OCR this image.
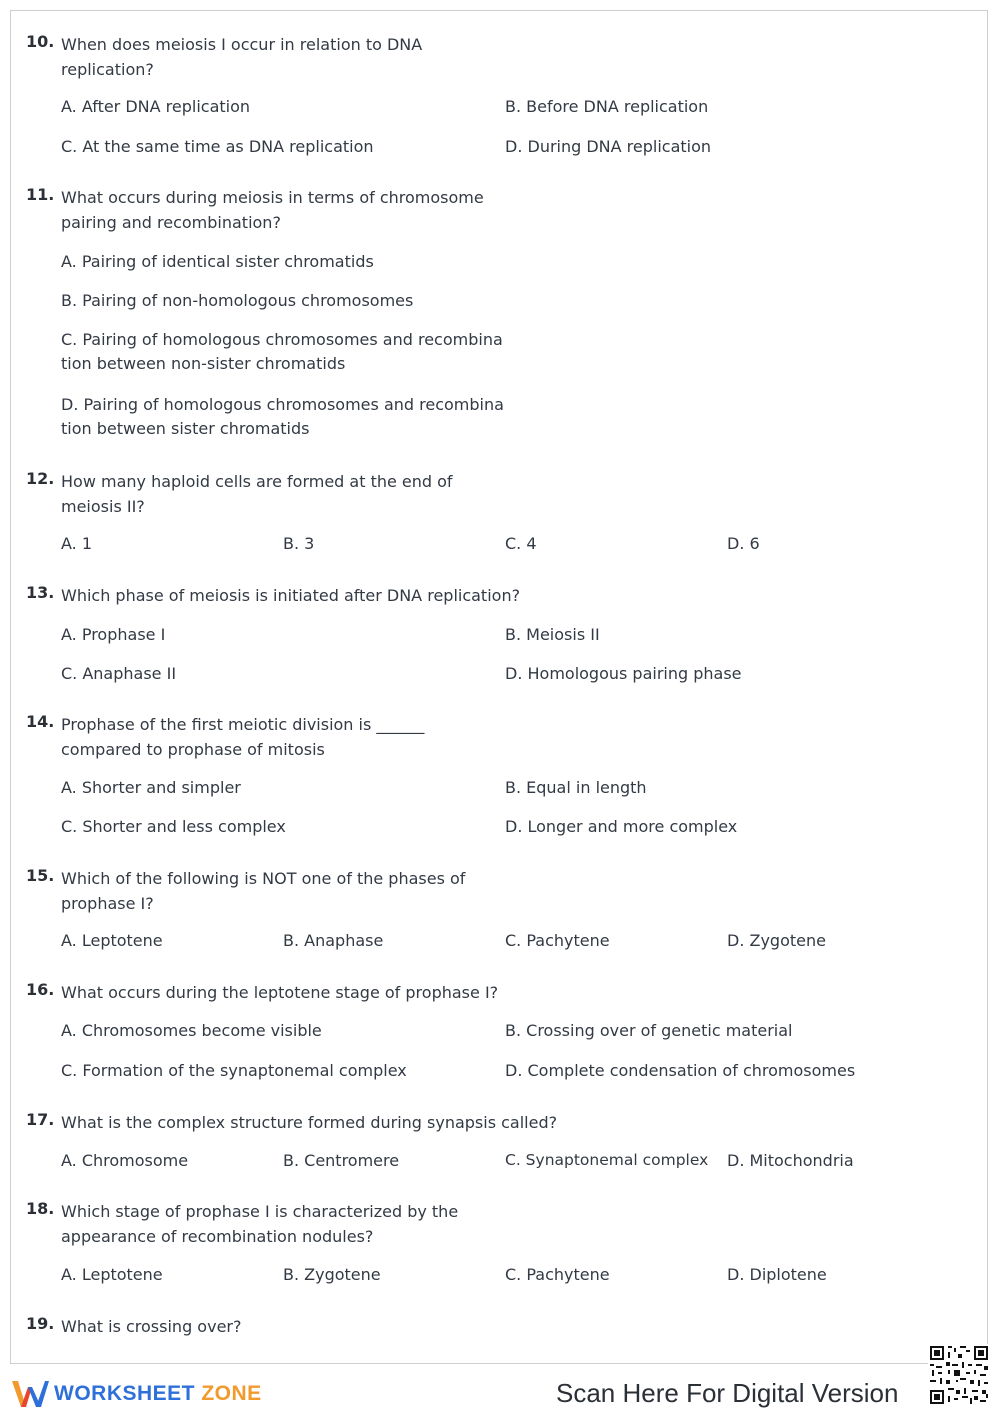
10. When does meiosis I occur in relation to DNA
replication?
A. After DNA replication	B. Before DNA replication
C. At the same time as DNA replication	D. During DNA replication
11. What occurs during meiosis in terms of chromosome
pairing and recombination?
A. Pairing of identical sister chromatids
B. Pairing of non-homologous chromosomes
C. Pairing of homologous chromosomes and recombina
tion between non-sister chromatids
D. Pairing of homologous chromosomes and recombina
tion between sister chromatids
12. How many haploid cells are formed at the end of
meiosis II?
A. 1	B. 3	C. 4	D. 6
13. Which phase of meiosis is initiated after DNA replication?
A. Prophase I	B. Meiosis II
C. Anaphase II	D. Homologous pairing phase
14. Prophase of the first meiotic division is ______
compared to prophase of mitosis
A. Shorter and simpler	B. Equal in length
C. Shorter and less complex	D. Longer and more complex
15. Which of the following is NOT one of the phases of
prophase I?
A. Leptotene	B. Anaphase	C. Pachytene	D. Zygotene
16. What occurs during the leptotene stage of prophase I?
A. Chromosomes become visible	B. Crossing over of genetic material
C. Formation of the synaptonemal complex	D. Complete condensation of chromosomes
17. What is the complex structure formed during synapsis called?
A. Chromosome	B. Centromere	C. Synaptonemal complex D. Mitochondria
18. Which stage of prophase I is characterized by the
appearance of recombination nodules?
A. Leptotene	B. Zygotene	C. Pachytene	D. Diplotene
19. What is crossing over?
WORKSHEET ZONE	Scan Here For Digital Version
